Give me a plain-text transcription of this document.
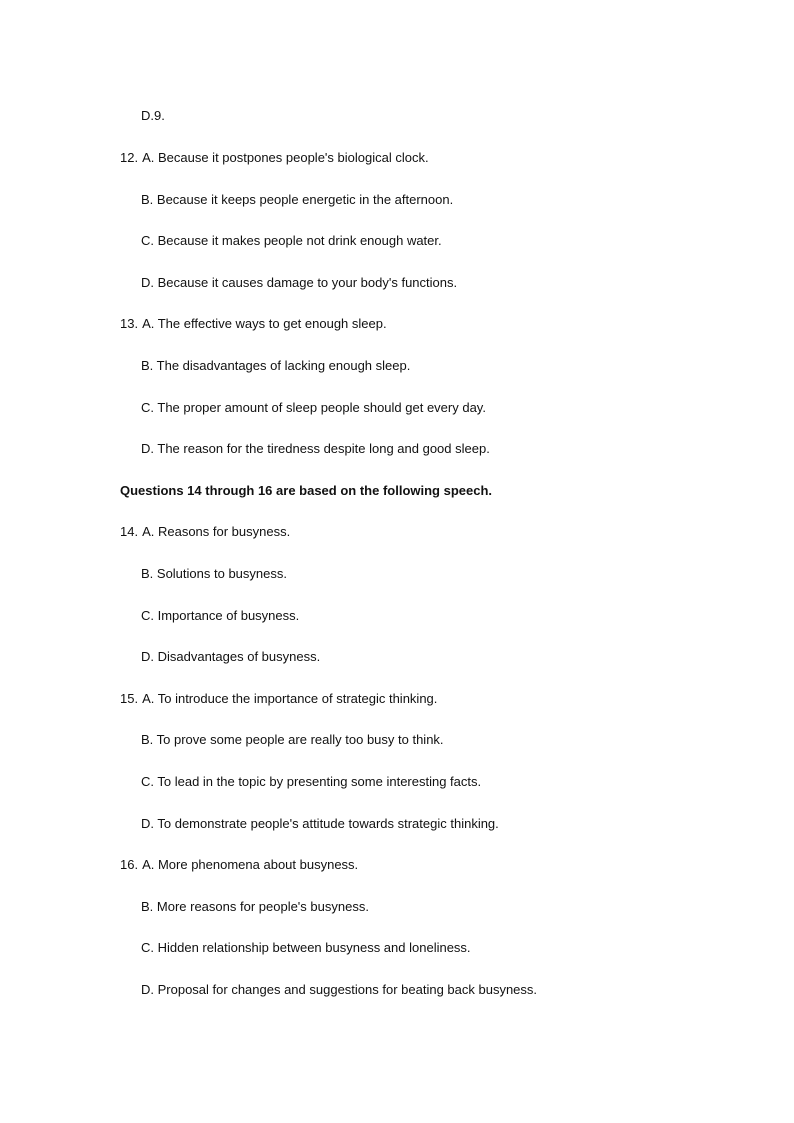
D.9.
12. A. Because it postpones people's biological clock.
B. Because it keeps people energetic in the afternoon.
C. Because it makes people not drink enough water.
D. Because it causes damage to your body's functions.
13. A. The effective ways to get enough sleep.
B. The disadvantages of lacking enough sleep.
C. The proper amount of sleep people should get every day.
D. The reason for the tiredness despite long and good sleep.
Questions 14 through 16 are based on the following speech.
14. A. Reasons for busyness.
B. Solutions to busyness.
C. Importance of busyness.
D. Disadvantages of busyness.
15. A. To introduce the importance of strategic thinking.
B. To prove some people are really too busy to think.
C. To lead in the topic by presenting some interesting facts.
D. To demonstrate people's attitude towards strategic thinking.
16. A. More phenomena about busyness.
B. More reasons for people's busyness.
C. Hidden relationship between busyness and loneliness.
D. Proposal for changes and suggestions for beating back busyness.
